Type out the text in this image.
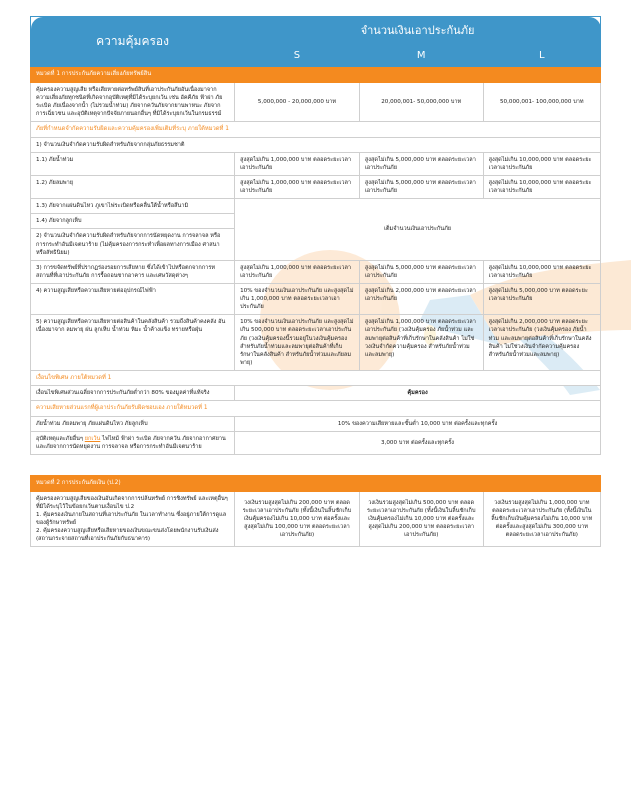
ความคุ้มครอง	จำนวนเงินเอาประกันภัย		
	S	M	L
หมวดที่ 1 การประกันภัยความเสี่ยงภัยทรัพย์สิน			
คุ้มครองความสูญเสีย หรือเสียหายต่อทรัพย์สินที่เอาประกันภัยอันเนื่องมาจากความเสี่ยงภัยทุกชนิดที่เกิดจากอุบัติเหตุที่มิได้ระบุยกเว้น เช่น อัคคีภัย ฟ้าผ่า ภัยระเบิด ภัยเนื่องจากน้ำ (ไม่รวมน้ำท่วม) ภัยจากควันภัยจากยานพาหนะ ภัยจากการเฉี่ยวชน และอุบัติเหตุจากปัจจัยภายนอกอื่นๆ ที่มิได้ระบุยกเว้นในกรมธรรม์	5,000,000 - 20,000,000 บาท	20,000,001- 50,000,000 บาท	50,000,001- 100,000,000 บาท
ภัยที่กำหนดจำกัดความรับผิดและความคุ้มครองเพิ่มเติมที่ระบุ ภายใต้หมวดที่ 1			
1) จำนวนเงินจำกัดความรับผิดสำหรับภัยจากกลุ่มภัยธรรมชาติ			
1.1) ภัยน้ำท่วม	สูงสุดไม่เกิน 1,000,000 บาท ตลอดระยะเวลาเอาประกันภัย	สูงสุดไม่เกิน 5,000,000 บาท ตลอดระยะเวลาเอาประกันภัย	สูงสุดไม่เกิน 10,000,000 บาท ตลอดระยะเวลาเอาประกันภัย
1.2) ภัยลมพายุ	สูงสุดไม่เกิน 1,000,000 บาท ตลอดระยะเวลาเอาประกันภัย	สูงสุดไม่เกิน 5,000,000 บาท ตลอดระยะเวลาเอาประกันภัย	สูงสุดไม่เกิน 10,000,000 บาท ตลอดระยะเวลาเอาประกันภัย
1.3) ภัยจากแผ่นดินไหว ภูเขาไฟระเบิดหรือคลื่นใต้น้ำหรือสึนามิ	เต็มจำนวนเงินเอาประกันภัย		
1.4) ภัยจากลูกเห็บ			
2) จำนวนเงินจำกัดความรับผิดสำหรับภัยจากการนัดหยุดงาน การจลาจล หรือการกระทำอันมีเจตนาร้าย (ไม่คุ้มครองการกระทำเพื่อผลทางการเมือง ศาสนา หรือลัทธินิยม)			
3) การขจัดทรัพย์ที่ปรากฏร่องรอยการเสียหาย ซึ่งได้เข้าไปหรือตกจากการท สถานที่ที่เอาประกันภัย การรื้อถอนซากอาคาร และเศษวัสดุต่างๆ	สูงสุดไม่เกิน 1,000,000 บาท ตลอดระยะเวลาเอาประกันภัย	สูงสุดไม่เกิน 5,000,000 บาท ตลอดระยะเวลาเอาประกันภัย	สูงสุดไม่เกิน 10,000,000 บาท ตลอดระยะเวลาเอาประกันภัย
4) ความสูญเสียหรือความเสียหายต่ออุปกรณ์ไฟฟ้า	10% ของจำนวนเงินเอาประกันภัย และสูงสุดไม่เกิน 1,000,000 บาท ตลอดระยะเวลาเอาประกันภัย	สูงสุดไม่เกิน 2,000,000 บาท ตลอดระยะเวลาเอาประกันภัย	สูงสุดไม่เกิน 5,000,000 บาท ตลอดระยะเวลาเอาประกันภัย
5) ความสูญเสียหรือความเสียหายต่อสินค้าในคลังสินค้า รวมถึงสินค้าคงคลัง อันเนื่องมาจาก ลมพายุ ฝน ลูกเห็บ น้ำท่วม หิมะ น้ำค้างแข็ง ทรายหรือฝุ่น	10% ของจำนวนเงินเอาประกันภัย และสูงสุดไม่เกิน 500,000 บาท ตลอดระยะเวลาเอาประกันภัย (วงเงินคุ้มครองนี้รวมอยู่ในวงเงินคุ้มครองสำหรับภัยน้ำท่วมและลมพายุต่อสินค้าที่เก็บรักษาในคลังสินค้า สำหรับภัยน้ำท่วมและภัยลมพายุ)	สูงสุดไม่เกิน 1,000,000 บาท ตลอดระยะเวลาเอาประกันภัย (วงเงินคุ้มครอง ภัยน้ำท่วม และลมพายุต่อสินค้าที่เก็บรักษาในคลังสินค้า ไม่ใช่วงเงินจำกัดความคุ้มครอง สำหรับภัยน้ำท่วมและลมพายุ)	สูงสุดไม่เกิน 2,000,000 บาท ตลอดระยะเวลาเอาประกันภัย (วงเงินคุ้มครอง ภัยน้ำท่วม และลมพายุต่อสินค้าที่เก็บรักษาในคลังสินค้า ไม่ใช่วงเงินจำกัดความคุ้มครอง สำหรับภัยน้ำท่วมและลมพายุ)
เงื่อนไขพิเศษ ภายใต้หมวดที่ 1			
เงื่อนไขพิเศษส่วนเฉลี่ยจากการประกันภัยต่ำกว่า 80% ของมูลค่าที่แท้จริง	คุ้มครอง		
ความเสียหายส่วนแรกที่ผู้เอาประกันภัยรับผิดชอบเอง ภายใต้หมวดที่ 1			
ภัยน้ำท่วม ภัยลมพายุ ภัยแผ่นดินไหว ภัยลูกเห็บ	10% ของความเสียหายและขั้นต่ำ 10,000 บาท ต่อครั้งและทุกครั้ง		
อุบัติเหตุและภัยอื่นๆ ยกเว้น ไฟไหม้ ฟ้าผ่า ระเบิด ภัยจากควัน ภัยจากอากาศยาน และภัยจากการนัดหยุดงาน การจลาจล หรือการกระทำอันมีเจตนาร้าย	3,000 บาท ต่อครั้งและทุกครั้ง		
หมวดที่ 2 การประกันภัยเงิน (ป.2)

คุ้มครองความสูญเสียของเงินอันเกิดจากการปล้นทรัพย์ การชิงทรัพย์ และเหตุอื่นๆ ที่มิได้ระบุไว้ในข้อยกเว้นตามเงื่อนไข ป.2
1. คุ้มครองเงินภายในสถานที่เอาประกันภัย ในเวลาทำงาน ซึ่งอยู่ภายใต้การดูแลของผู้รักษาทรัพย์
2. คุ้มครองความสูญเสียหรือเสียหายของเงินขณะขนส่งโดยพนักงานรับเงินส่ง (สถานกระจายสถานที่เอาประกันภัยกับธนาคาร)
	วงเงินรวมสูงสุดไม่เกิน 200,000 บาท ตลอดระยะเวลาเอาประกันภัย (ทั้งนี้เงินในลิ้นชักเก็บเงินคุ้มครองไม่เกิน 10,000 บาท ต่อครั้งและสูงสุดไม่เกิน 100,000 บาท ตลอดระยะเวลาเอาประกันภัย)	วงเงินรวมสูงสุดไม่เกิน 500,000 บาท ตลอดระยะเวลาเอาประกันภัย (ทั้งนี้เงินในลิ้นชักเก็บเงินคุ้มครองไม่เกิน 10,000 บาท ต่อครั้งและสูงสุดไม่เกิน 200,000 บาท ตลอดระยะเวลาเอาประกันภัย)	วงเงินรวมสูงสุดไม่เกิน 1,000,000 บาท ตลอดระยะเวลาเอาประกันภัย (ทั้งนี้เงินในลิ้นชักเก็บเงินคุ้มครองไม่เกิน 10,000 บาท ต่อครั้งและสูงสุดไม่เกิน 300,000 บาท ตลอดระยะเวลาเอาประกันภัย)
